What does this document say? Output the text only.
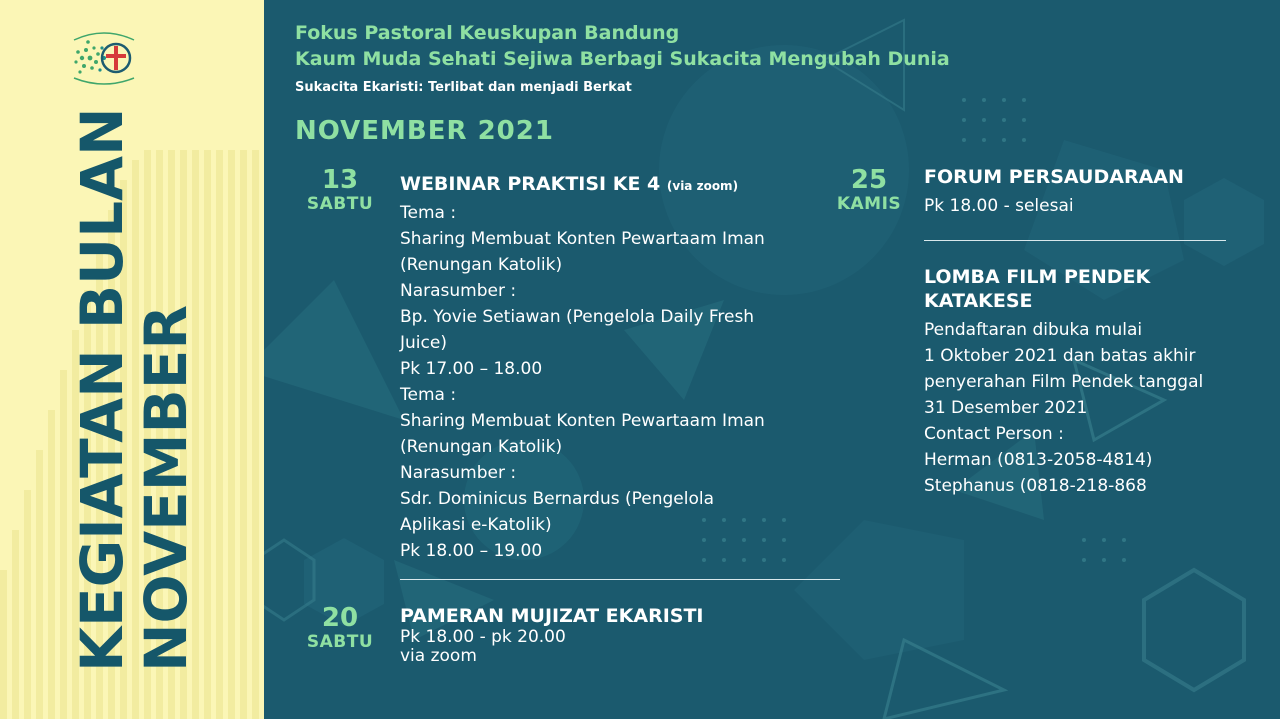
KEGIATAN BULAN
NOVEMBER
Fokus Pastoral Keuskupan Bandung
Kaum Muda Sehati Sejiwa Berbagi Sukacita Mengubah Dunia
Sukacita Ekaristi: Terlibat dan menjadi Berkat
NOVEMBER 2021
13
SABTU
WEBINAR PRAKTISI KE 4 (via zoom)
Tema :
Sharing Membuat Konten Pewartaam Iman
(Renungan Katolik)
Narasumber :
Bp. Yovie Setiawan (Pengelola Daily Fresh
Juice)
Pk 17.00 – 18.00
Tema :
Sharing Membuat Konten Pewartaam Iman
(Renungan Katolik)
Narasumber :
Sdr. Dominicus Bernardus (Pengelola
Aplikasi e-Katolik)
Pk 18.00 – 19.00
20
SABTU
PAMERAN MUJIZAT EKARISTI
Pk 18.00 - pk 20.00
via zoom
25
KAMIS
FORUM PERSAUDARAAN
Pk 18.00 - selesai
LOMBA FILM PENDEK
KATAKESE
Pendaftaran dibuka mulai
1 Oktober 2021 dan batas akhir
penyerahan Film Pendek tanggal
31 Desember 2021
Contact Person :
Herman (0813-2058-4814)
Stephanus (0818-218-868
